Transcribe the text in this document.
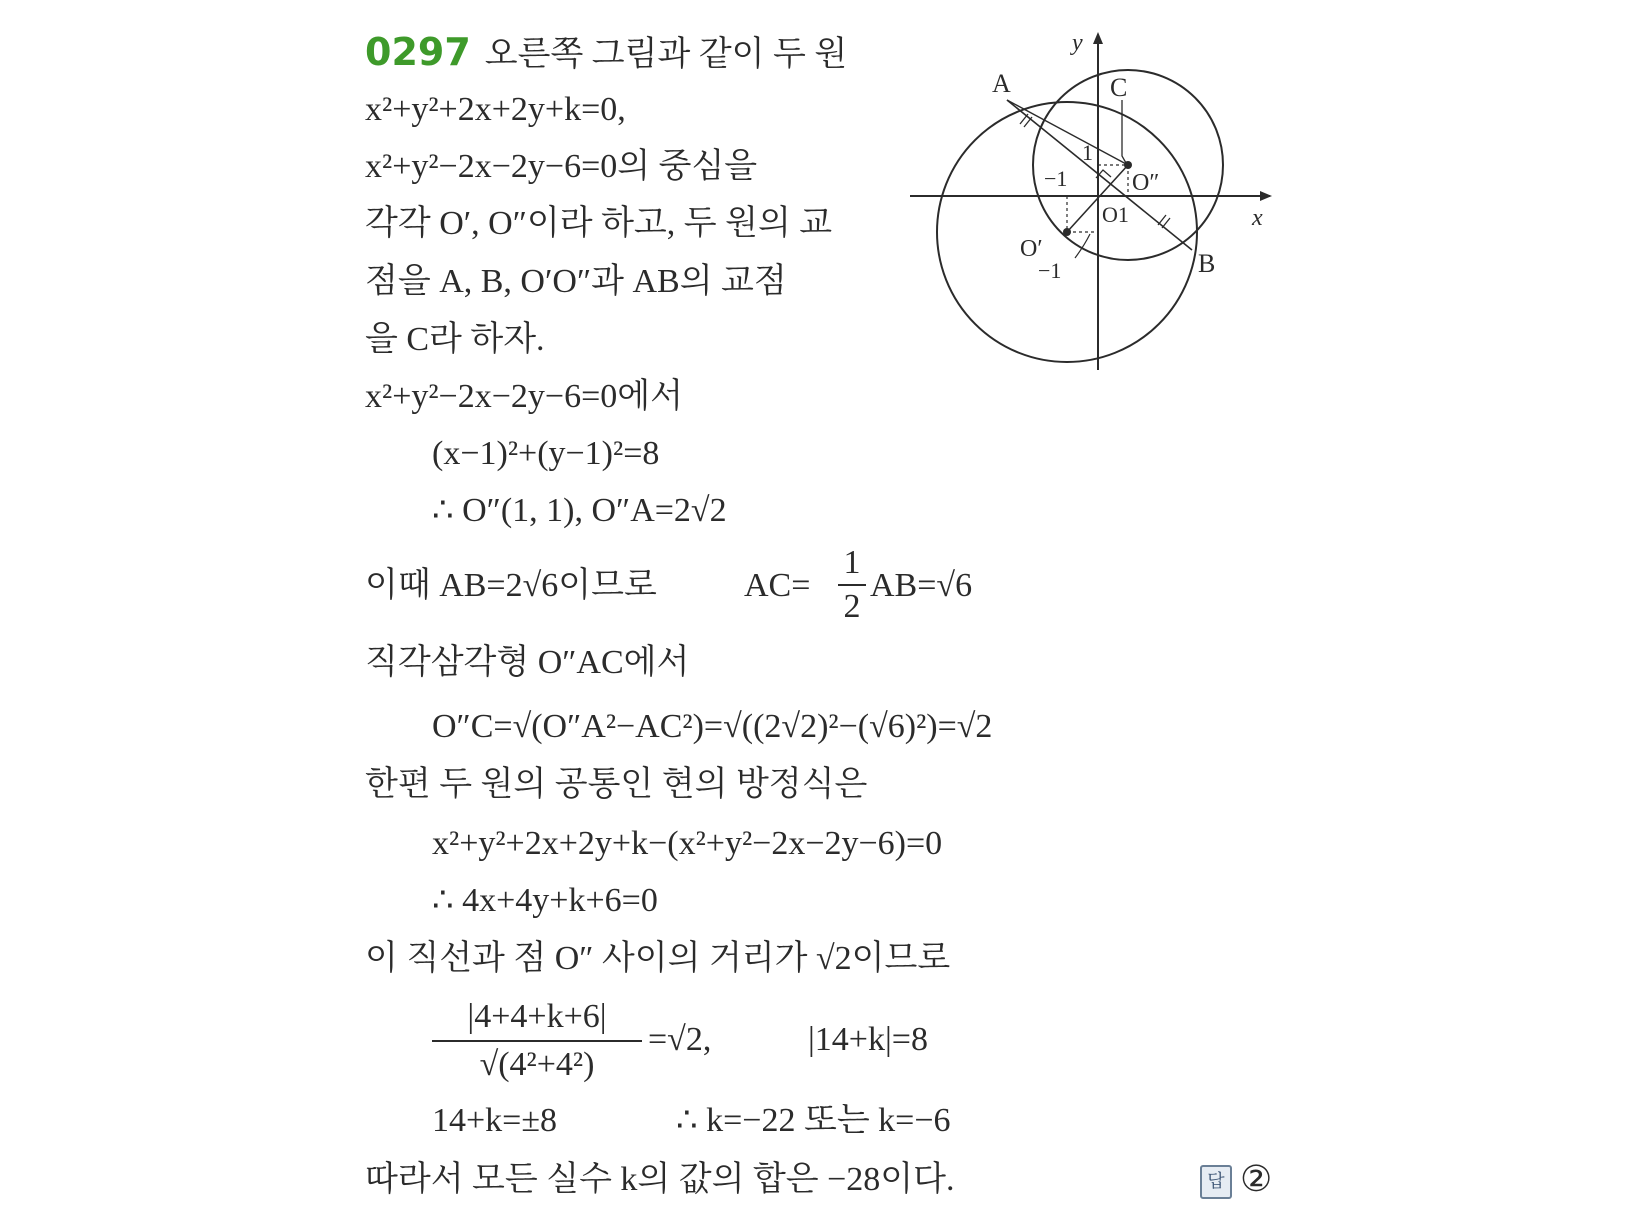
0297 오른쪽 그림과 같이 두 원
x²+y²+2x+2y+k=0,
x²+y²−2x−2y−6=0의 중심을
각각 O′, O″이라 하고, 두 원의 교
점을 A, B, O′O″과 AB의 교점
을 C라 하자.
x²+y²−2x−2y−6=0에서
(x−1)²+(y−1)²=8
∴ O″(1, 1), O″A=2√2
이때 AB=2√6이므로	AC=
1
2
AB=√6
직각삼각형 O″AC에서
O″C=√(O″A²−AC²)=√((2√2)²−(√6)²)=√2
한편 두 원의 공통인 현의 방정식은
x²+y²+2x+2y+k−(x²+y²−2x−2y−6)=0
∴ 4x+4y+k+6=0
이 직선과 점 O″ 사이의 거리가 √2이므로
|4+4+k+6|
√(4²+4²)
=√2,	|14+k|=8
14+k=±8	∴ k=−22 또는 k=−6
따라서 모든 실수 k의 값의 합은 −28이다.	답 ②
y
x
A
B
C
O″
O′
O1
−1
−1
1
